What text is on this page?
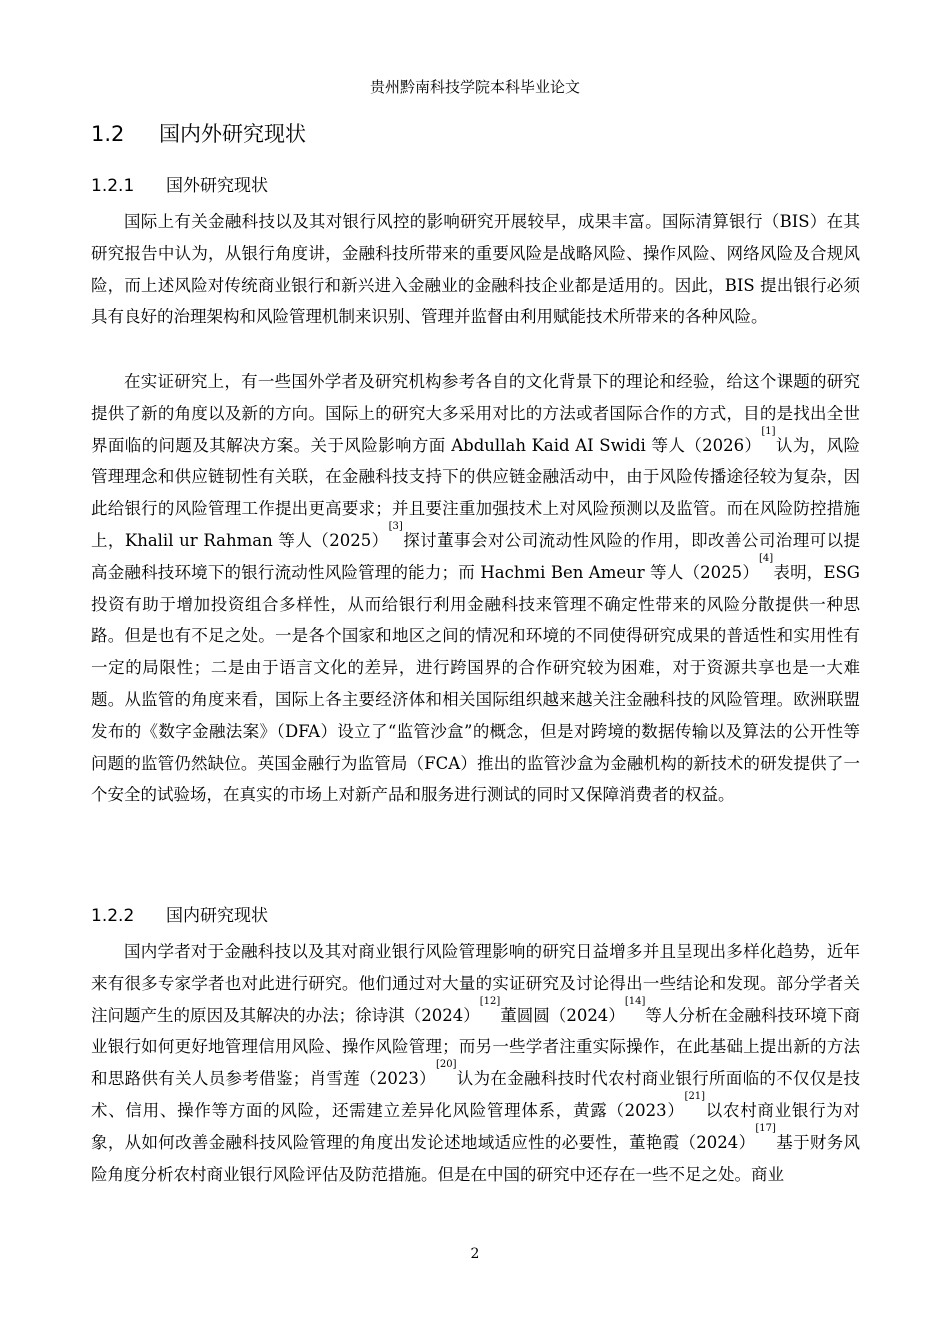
贵州黔南科技学院本科毕业论文
1.2 国内外研究现状
1.2.1 国外研究现状

国际上有关金融科技以及其对银行风控的影响研究开展较早，成果丰富。国际清算银行（BIS）在其研究报告中认为，从银行角度讲，金融科技所带来的重要风险是战略风险、操作风险、网络风险及合规风险，而上述风险对传统商业银行和新兴进入金融业的金融科技企业都是适用的。因此，BIS 提出银行必须具有良好的治理架构和风险管理机制来识别、管理并监督由利用赋能技术所带来的各种风险。

在实证研究上，有一些国外学者及研究机构参考各自的文化背景下的理论和经验，给这个课题的研究提供了新的角度以及新的方向。国际上的研究大多采用对比的方法或者国际合作的方式，目的是找出全世界面临的问题及其解决方案。关于风险影响方面 Abdullah Kaid AI Swidi 等人（2026）[1]认为，风险管理理念和供应链韧性有关联，在金融科技支持下的供应链金融活动中，由于风险传播途径较为复杂，因此给银行的风险管理工作提出更高要求；并且要注重加强技术上对风险预测以及监管。而在风险防控措施上，Khalil ur Rahman 等人（2025）[3]探讨董事会对公司流动性风险的作用，即改善公司治理可以提高金融科技环境下的银行流动性风险管理的能力；而 Hachmi Ben Ameur 等人（2025）[4]表明，ESG 投资有助于增加投资组合多样性，从而给银行利用金融科技来管理不确定性带来的风险分散提供一种思路。但是也有不足之处。一是各个国家和地区之间的情况和环境的不同使得研究成果的普适性和实用性有一定的局限性；二是由于语言文化的差异，进行跨国界的合作研究较为困难，对于资源共享也是一大难题。从监管的角度来看，国际上各主要经济体和相关国际组织越来越关注金融科技的风险管理。欧洲联盟发布的《数字金融法案》（DFA）设立了“监管沙盒”的概念，但是对跨境的数据传输以及算法的公开性等问题的监管仍然缺位。英国金融行为监管局（FCA）推出的监管沙盒为金融机构的新技术的研发提供了一个安全的试验场，在真实的市场上对新产品和服务进行测试的同时又保障消费者的权益。

1.2.2 国内研究现状

国内学者对于金融科技以及其对商业银行风险管理影响的研究日益增多并且呈现出多样化趋势，近年来有很多专家学者也对此进行研究。他们通过对大量的实证研究及讨论得出一些结论和发现。部分学者关注问题产生的原因及其解决的办法；徐诗淇（2024）[12]董圆圆（2024）[14]等人分析在金融科技环境下商业银行如何更好地管理信用风险、操作风险管理；而另一些学者注重实际操作，在此基础上提出新的方法和思路供有关人员参考借鉴；肖雪莲（2023）[20]认为在金融科技时代农村商业银行所面临的不仅仅是技术、信用、操作等方面的风险，还需建立差异化风险管理体系，黄露（2023）[21]以农村商业银行为对象，从如何改善金融科技风险管理的角度出发论述地域适应性的必要性，董艳霞（2024）[17]基于财务风险角度分析农村商业银行风险评估及防范措施。但是在中国的研究中还存在一些不足之处。商业

2
